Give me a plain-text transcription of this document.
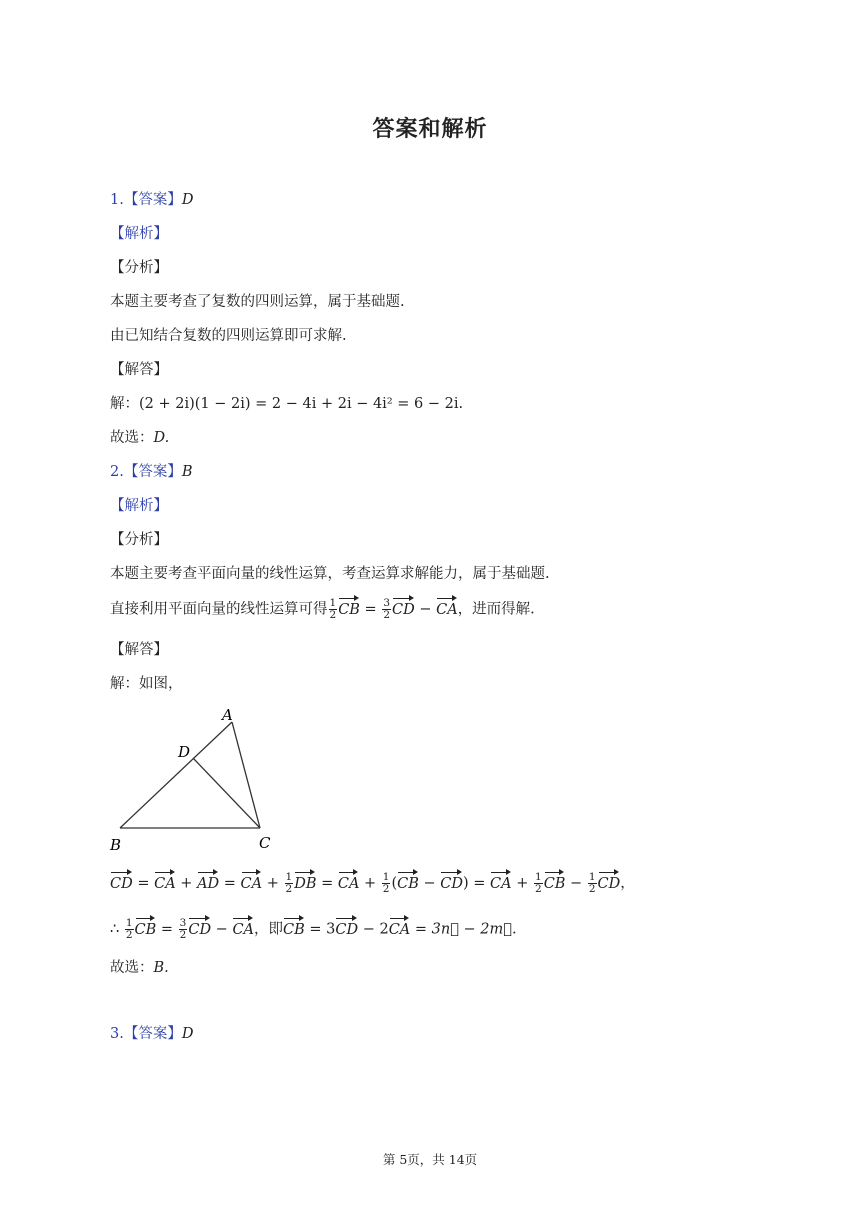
答案和解析
1.【答案】D
【解析】
【分析】
本题主要考查了复数的四则运算，属于基础题.
由已知结合复数的四则运算即可求解.
【解答】
解：(2 + 2i)(1 − 2i) = 2 − 4i + 2i − 4i² = 6 − 2i.
故选：D.
2.【答案】B
【解析】
【分析】
本题主要考查平面向量的线性运算，考查运算求解能力，属于基础题.
直接利用平面向量的线性运算可得 $\frac{1}{2}$ CB = $\frac{3}{2}$ CD − CA，进而得解.
【解答】
解：如图，
A
D
B	C
CD = CA + AD = CA + $\frac{1}{2}$ DB = CA + $\frac{1}{2} (CB - CD)$ = CA + $\frac{1}{2}$ CB − $\frac{1}{2}$ CD，
∴ $\frac{1}{2}$ CB = $\frac{3}{2}$ CD − CA，即CB = 3CD − 2CA = 3n⃗ − 2m⃗.
故选：B.
3.【答案】D
第 5页，共 14页
